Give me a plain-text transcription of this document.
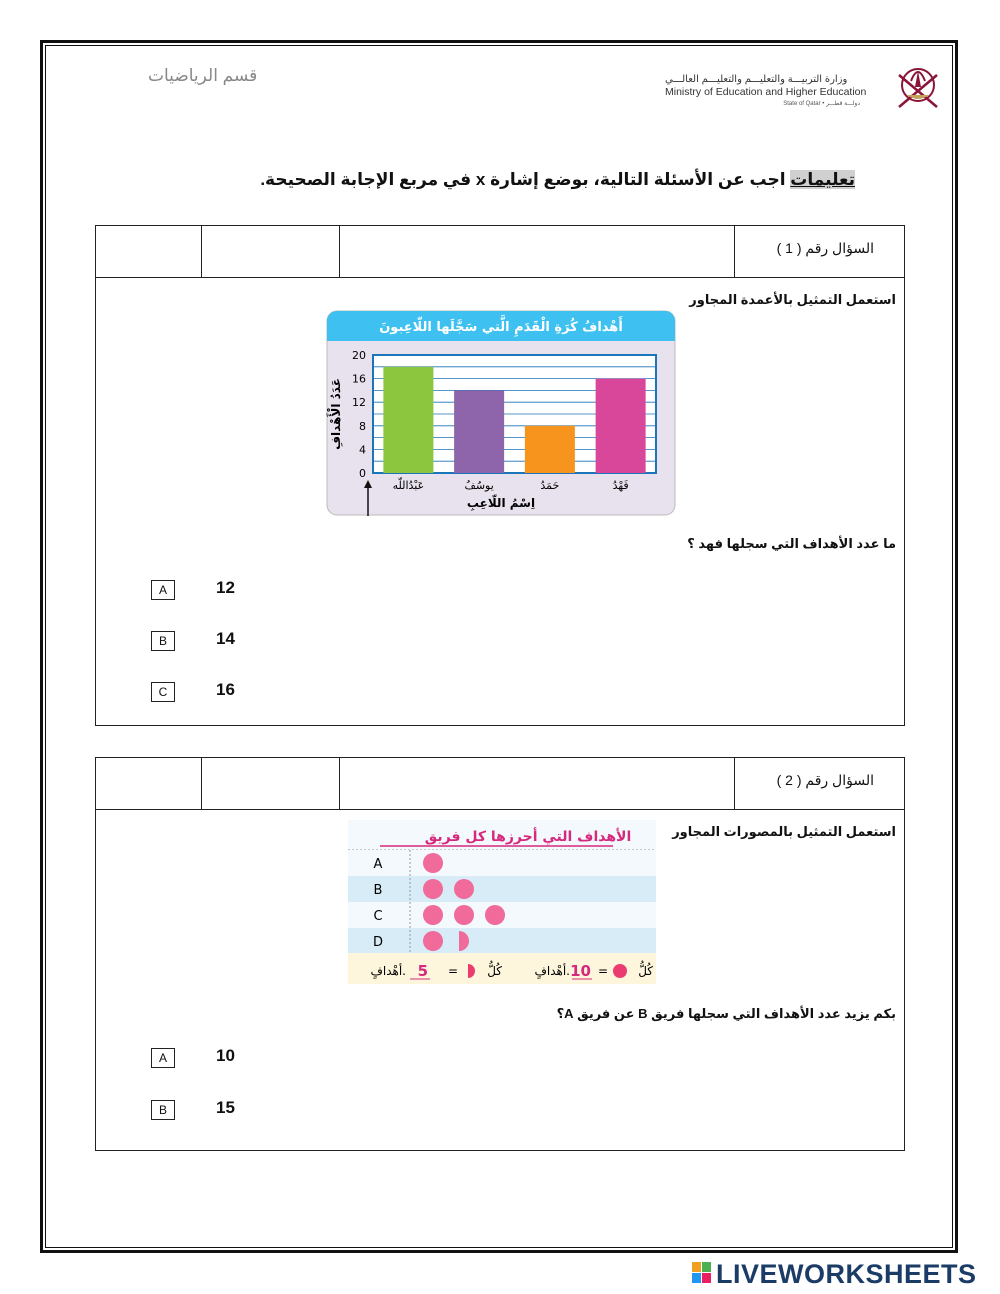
قسم الرياضيات	وزارة التربيـــة والتعليـــم والتعليـــم العالـــي
Ministry of Education and Higher Education
State of Qatar • دولـــة قطـــر
تعليمات اجب عن الأسئلة التالية، بوضع إشارة x في مربع الإجابة الصحيحة.
السؤال رقم ( 1 )
استعمل التمثيل بالأعمدة المجاور
أَهْدافُ كُرَةِ الْقَدَمِ الَّتي سَجَّلَها اللّاعِبونَ
0
4
8
12
16
20
عَبْدُاللّه	يوسُفُ	حَمَدُ	فَهْدُ
اِسْمُ اللّاعِبِ
عَدَدُ الْأَهْدافِ
ما عدد الأهداف التي سجلها فهد ؟
A	12
B	14
C	16
السؤال رقم ( 2 )
استعمل التمثيل بالمصورات المجاور
الأهداف التي أحرزها كل فريق
A
B
C
D
كُلُّ
=
10
أهْدافٍ.
كُلُّ
=
5
أهْدافٍ.
بكم يزيد عدد الأهداف التي سجلها فريق B عن فريق A؟
A	10
B	15
LIVEWORKSHEETS
